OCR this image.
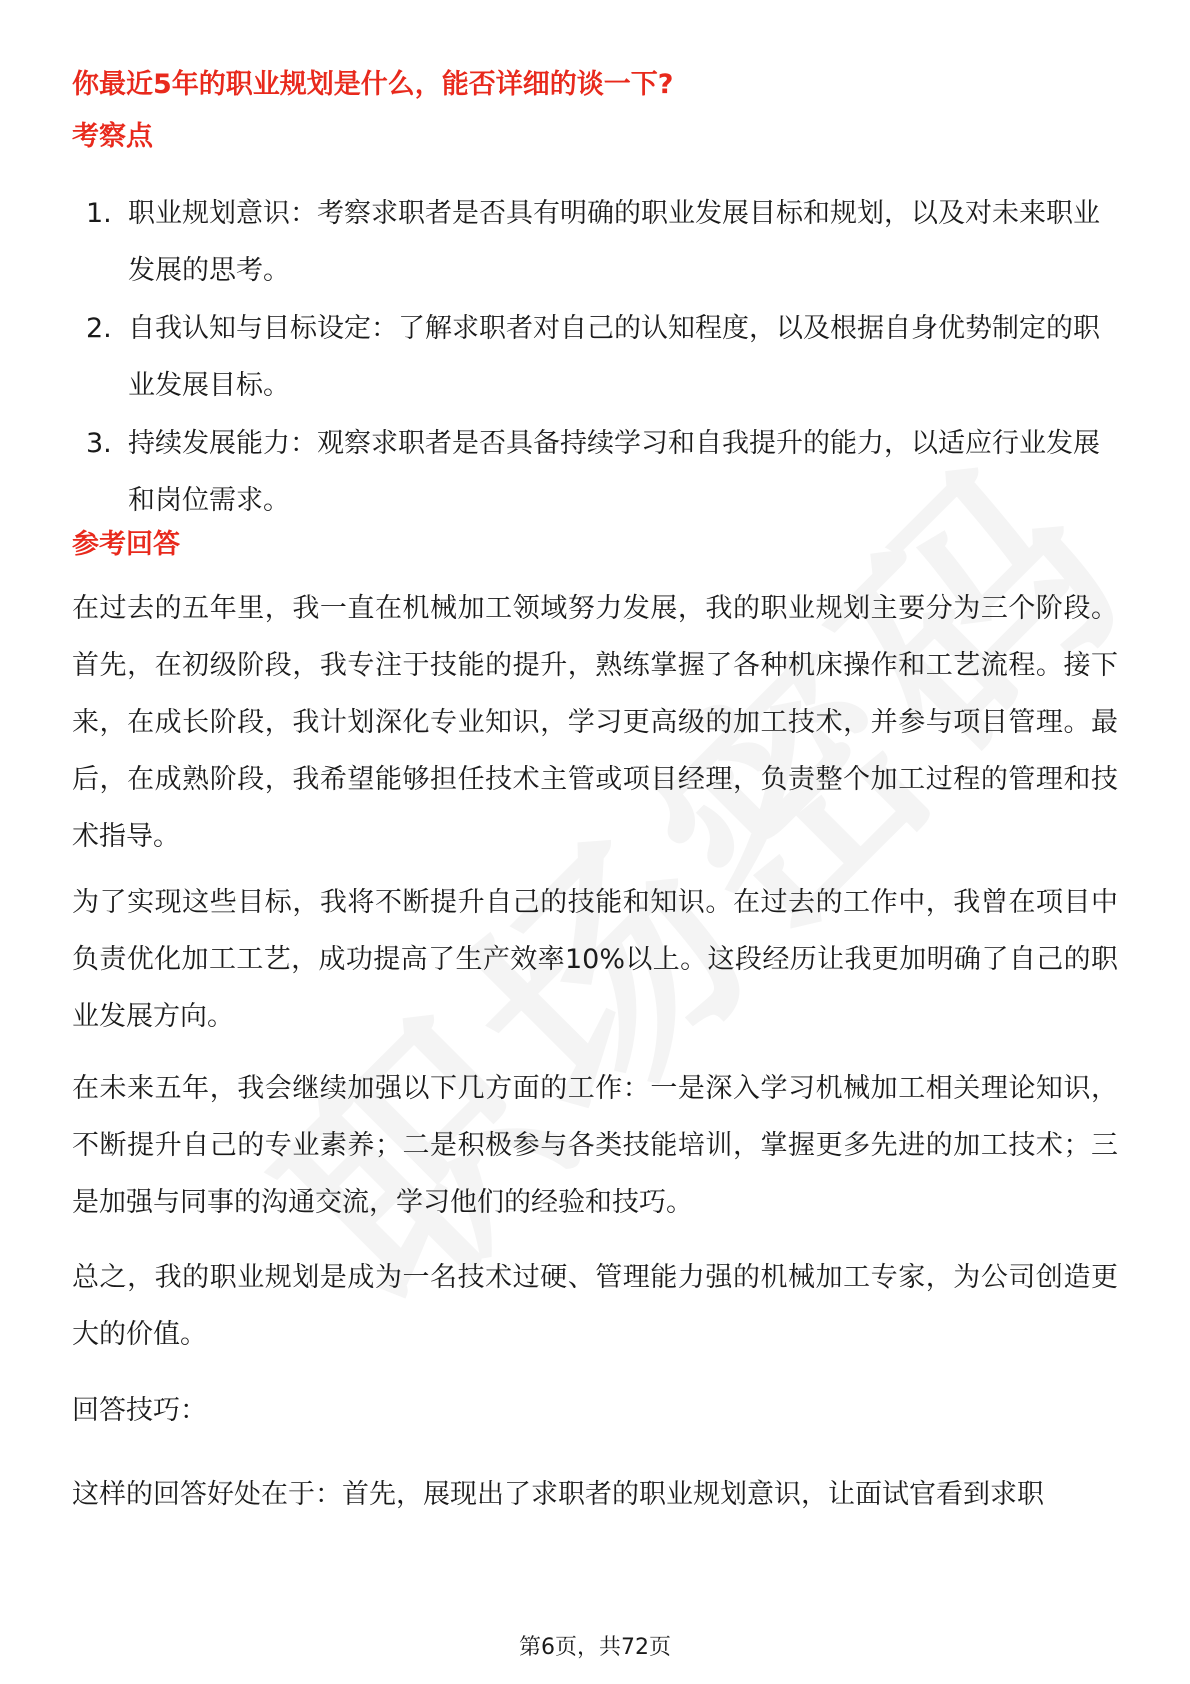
你最近5年的职业规划是什么，能否详细的谈一下?
考察点
1. 职业规划意识：考察求职者是否具有明确的职业发展目标和规划，以及对未来职业发展的思考。
2. 自我认知与目标设定：了解求职者对自己的认知程度，以及根据自身优势制定的职业发展目标。
3. 持续发展能力：观察求职者是否具备持续学习和自我提升的能力，以适应行业发展和岗位需求。
参考回答

在过去的五年里，我一直在机械加工领域努力发展，我的职业规划主要分为三个阶段。首先，在初级阶段，我专注于技能的提升，熟练掌握了各种机床操作和工艺流程。接下来，在成长阶段，我计划深化专业知识，学习更高级的加工技术，并参与项目管理。最后，在成熟阶段，我希望能够担任技术主管或项目经理，负责整个加工过程的管理和技术指导。

为了实现这些目标，我将不断提升自己的技能和知识。在过去的工作中，我曾在项目中负责优化加工工艺，成功提高了生产效率10%以上。这段经历让我更加明确了自己的职业发展方向。

在未来五年，我会继续加强以下几方面的工作：一是深入学习机械加工相关理论知识，不断提升自己的专业素养；二是积极参与各类技能培训，掌握更多先进的加工技术；三是加强与同事的沟通交流，学习他们的经验和技巧。

总之，我的职业规划是成为一名技术过硬、管理能力强的机械加工专家，为公司创造更大的价值。

回答技巧：

这样的回答好处在于：首先，展现出了求职者的职业规划意识，让面试官看到求职

第6页，共72页
